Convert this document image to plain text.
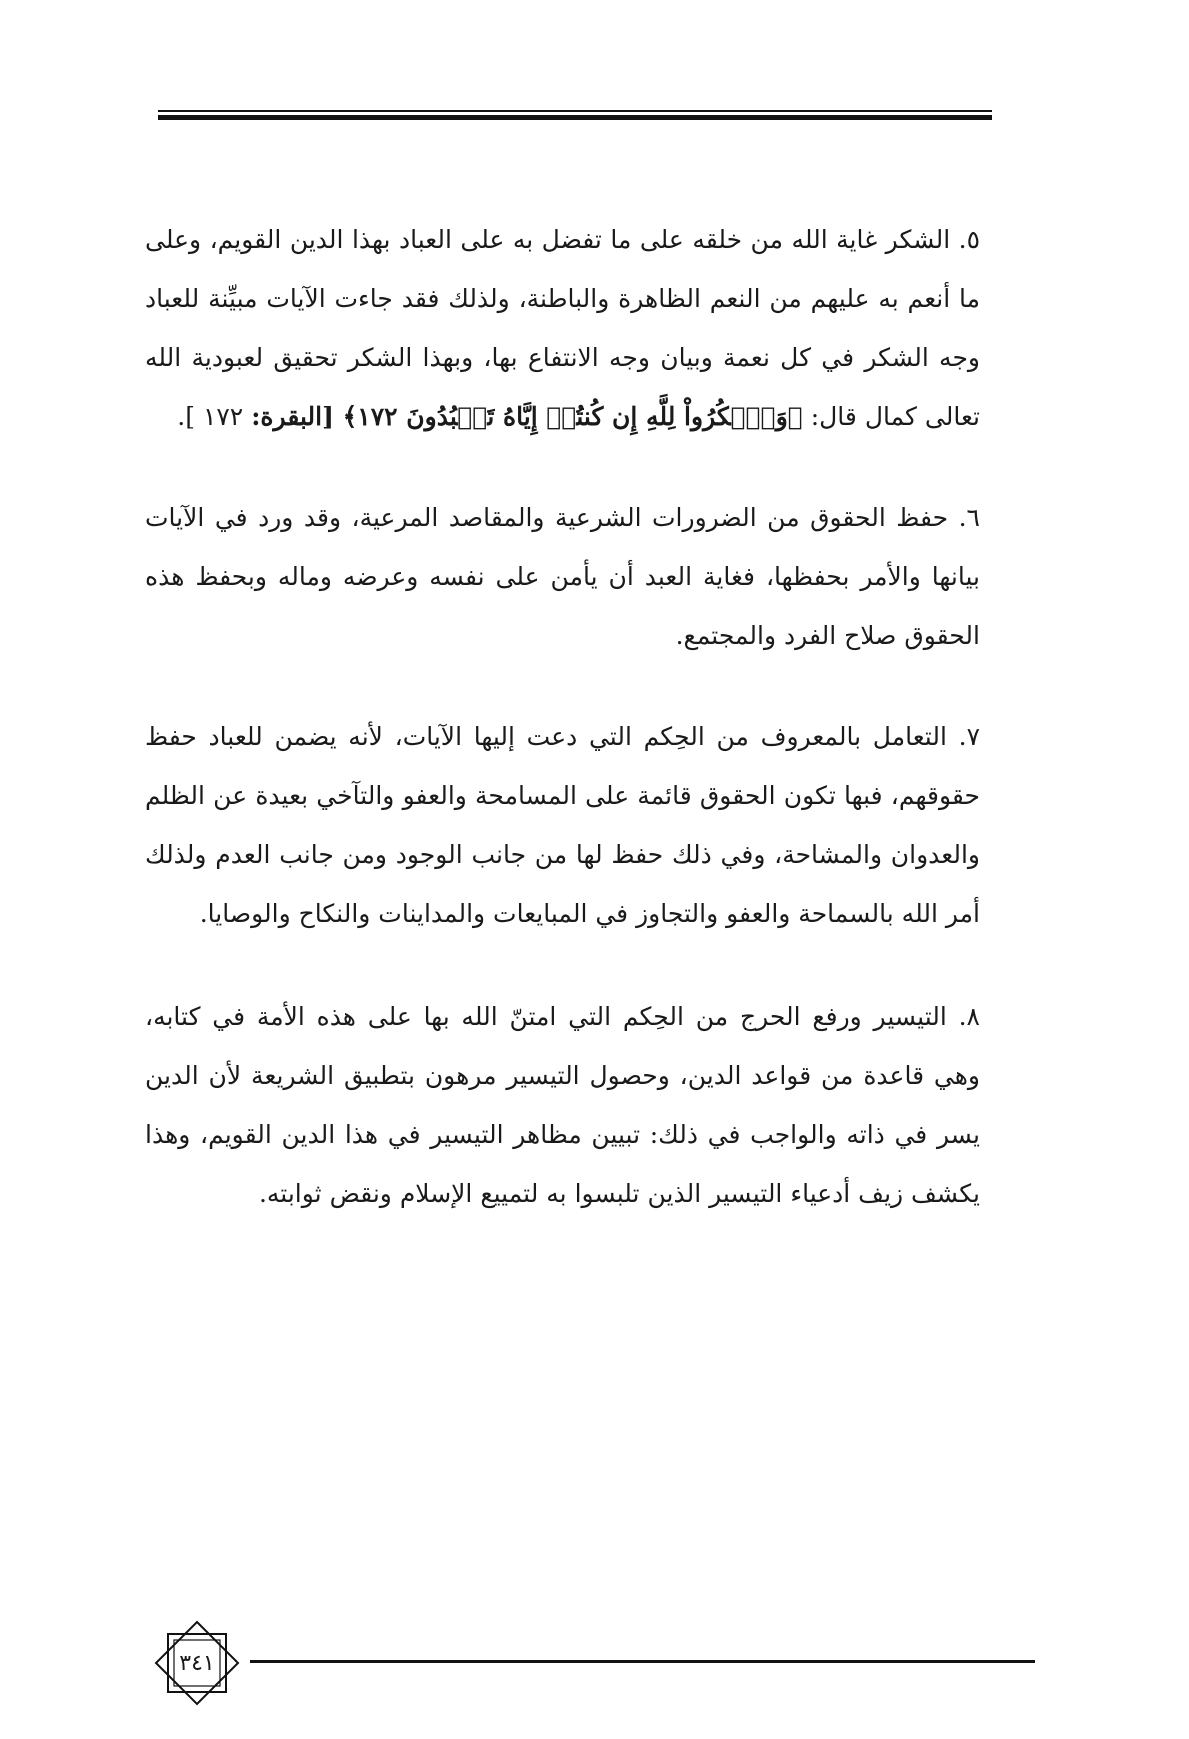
٥ . الشكر غاية الله من خلقه على ما تفضل به على العباد بهذا الدين القويم، وعلى ما أنعم به عليهم من النعم الظاهرة والباطنة، ولذلك فقد جاءت الآيات مبيِّنة للعباد وجه الشكر في كل نعمة وبيان وجه الانتفاع بها، وبهذا الشكر تحقيق لعبودية الله تعالى كمال قال: ﴿وَٱشۡكُرُواْ لِلَّهِ إِن كُنتُمۡ إِيَّاهُ تَعۡبُدُونَ ١٧٢﴾ [البقرة: ١٧٢ ].

٦ . حفظ الحقوق من الضرورات الشرعية والمقاصد المرعية، وقد ورد في الآيات بيانها والأمر بحفظها، فغاية العبد أن يأمن على نفسه وعرضه وماله وبحفظ هذه الحقوق صلاح الفرد والمجتمع.

٧ . التعامل بالمعروف من الحِكم التي دعت إليها الآيات، لأنه يضمن للعباد حفظ حقوقهم، فبها تكون الحقوق قائمة على المسامحة والعفو والتآخي بعيدة عن الظلم والعدوان والمشاحة، وفي ذلك حفظ لها من جانب الوجود ومن جانب العدم ولذلك أمر الله بالسماحة والعفو والتجاوز في المبايعات والمداينات والنكاح والوصايا.

٨ . التيسير ورفع الحرج من الحِكم التي امتنّ الله بها على هذه الأمة في كتابه، وهي قاعدة من قواعد الدين، وحصول التيسير مرهون بتطبيق الشريعة لأن الدين يسر في ذاته والواجب في ذلك: تبيين مظاهر التيسير في هذا الدين القويم، وهذا يكشف زيف أدعياء التيسير الذين تلبسوا به لتمييع الإسلام ونقض ثوابته.

٣٤١
